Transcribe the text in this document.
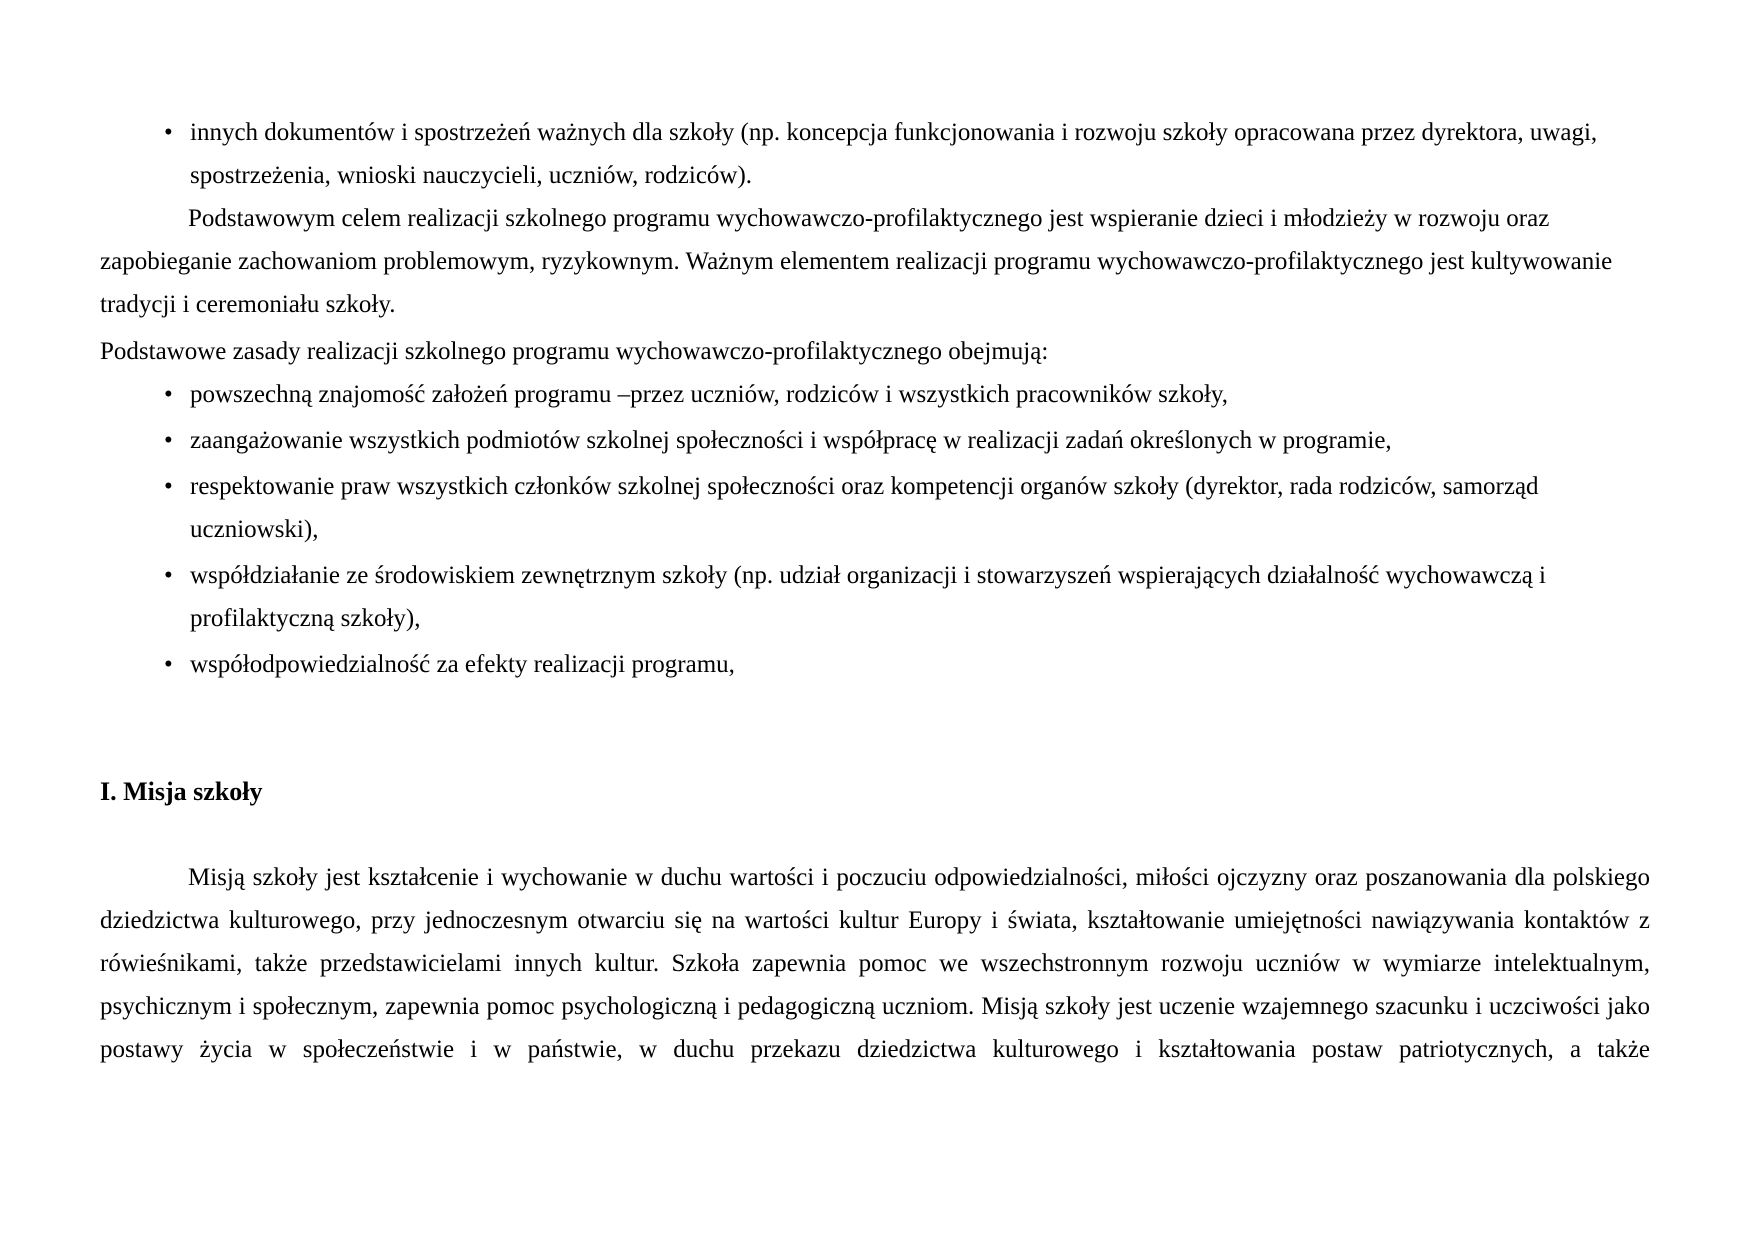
• innych dokumentów i spostrzeżeń ważnych dla szkoły (np. koncepcja funkcjonowania i rozwoju szkoły opracowana przez dyrektora, uwagi, spostrzeżenia, wnioski nauczycieli, uczniów, rodziców).

Podstawowym celem realizacji szkolnego programu wychowawczo-profilaktycznego jest wspieranie dzieci i młodzieży w rozwoju oraz zapobieganie zachowaniom problemowym, ryzykownym. Ważnym elementem realizacji programu wychowawczo-profilaktycznego jest kultywowanie tradycji i ceremoniału szkoły.

Podstawowe zasady realizacji szkolnego programu wychowawczo-profilaktycznego obejmują:

• powszechną znajomość założeń programu –przez uczniów, rodziców i wszystkich pracowników szkoły,
• zaangażowanie wszystkich podmiotów szkolnej społeczności i współpracę w realizacji zadań określonych w programie,
• respektowanie praw wszystkich członków szkolnej społeczności oraz kompetencji organów szkoły (dyrektor, rada rodziców, samorząd uczniowski),
• współdziałanie ze środowiskiem zewnętrznym szkoły (np. udział organizacji i stowarzyszeń wspierających działalność wychowawczą i profilaktyczną szkoły),
• współodpowiedzialność za efekty realizacji programu,
I. Misja szkoły

Misją szkoły jest kształcenie i wychowanie w duchu wartości i poczuciu odpowiedzialności, miłości ojczyzny oraz poszanowania dla polskiego dziedzictwa kulturowego, przy jednoczesnym otwarciu się na wartości kultur Europy i świata, kształtowanie umiejętności nawiązywania kontaktów z rówieśnikami, także przedstawicielami innych kultur. Szkoła zapewnia pomoc we wszechstronnym rozwoju uczniów w wymiarze intelektualnym, psychicznym i społecznym, zapewnia pomoc psychologiczną i pedagogiczną uczniom. Misją szkoły jest uczenie wzajemnego szacunku i uczciwości jako postawy życia w społeczeństwie i w państwie, w duchu przekazu dziedzictwa kulturowego i kształtowania postaw patriotycznych, a także
